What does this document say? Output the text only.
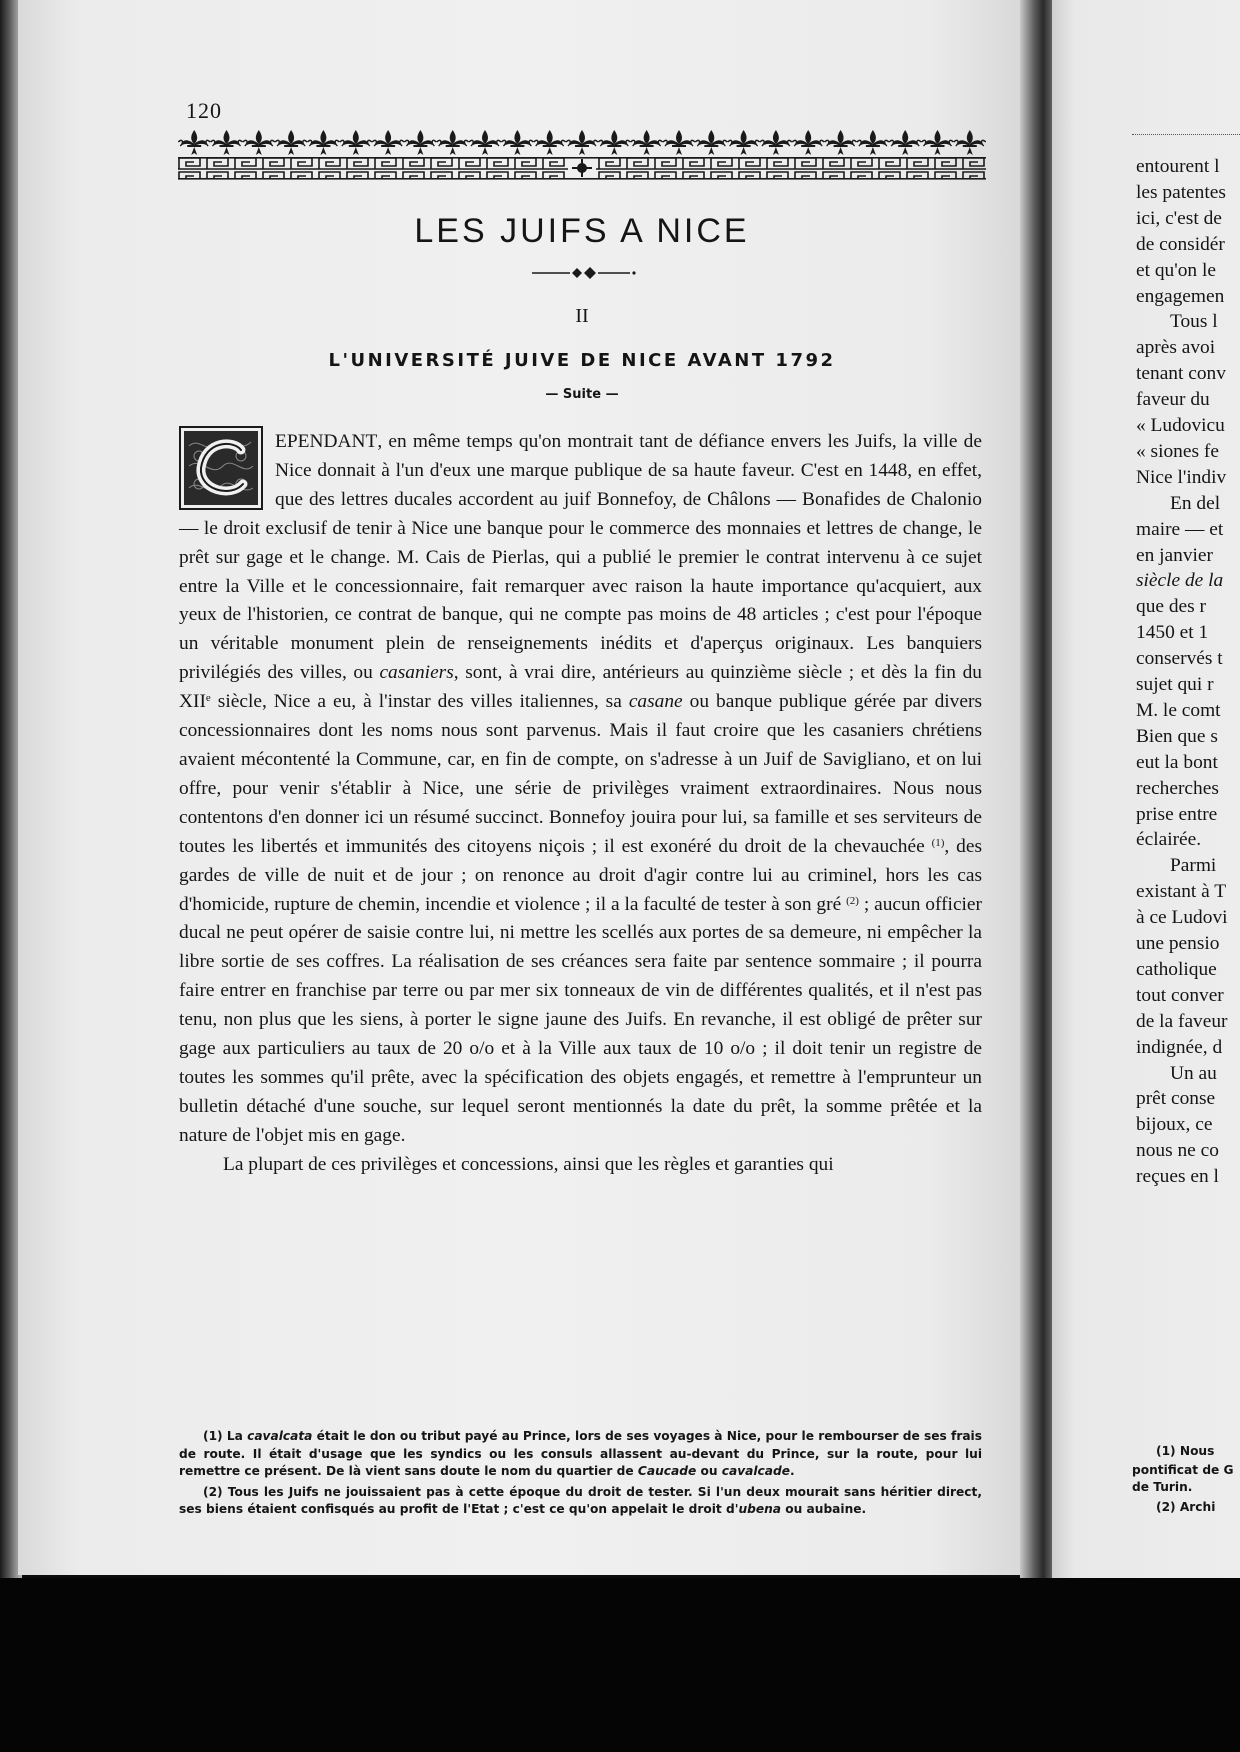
entourent l
les patentes
ici, c'est de
de considér
et qu'on le
engagemen
Tous l
après avoi
tenant conv
faveur du
« Ludovicu
« siones fe
Nice l'indiv
En del
maire — et
en janvier
siècle de la
que des r
1450 et 1
conservés t
sujet qui r
M. le comt
Bien que s
eut la bont
recherches
prise entre
éclairée.
Parmi
existant à T
à ce Ludovi
une pensio
catholique
tout conver
de la faveur
indignée, d
Un au
prêt conse
bijoux, ce
nous ne co
reçues en l
(1) Nous
pontificat de G
de Turin.
(2) Archi
120
LES JUIFS A NICE
II
L'UNIVERSITÉ JUIVE DE NICE AVANT 1792
— Suite —

EPENDANT, en même temps qu'on montrait tant de défiance envers les Juifs, la ville de Nice donnait à l'un d'eux une marque publique de sa haute faveur. C'est en 1448, en effet, que des lettres ducales accordent au juif Bonnefoy, de Châlons — Bonafides de Chalonio — le droit exclusif de tenir à Nice une banque pour le commerce des monnaies et lettres de change, le prêt sur gage et le change. M. Cais de Pierlas, qui a publié le premier le contrat intervenu à ce sujet entre la Ville et le concessionnaire, fait remarquer avec raison la haute importance qu'acquiert, aux yeux de l'historien, ce contrat de banque, qui ne compte pas moins de 48 articles ; c'est pour l'époque un véritable monument plein de renseignements inédits et d'aperçus originaux. Les banquiers privilégiés des villes, ou casaniers, sont, à vrai dire, antérieurs au quinzième siècle ; et dès la fin du XIIe siècle, Nice a eu, à l'instar des villes italiennes, sa casane ou banque publique gérée par divers concessionnaires dont les noms nous sont parvenus. Mais il faut croire que les casaniers chrétiens avaient mécontenté la Commune, car, en fin de compte, on s'adresse à un Juif de Savigliano, et on lui offre, pour venir s'établir à Nice, une série de privilèges vraiment extraordinaires. Nous nous contentons d'en donner ici un résumé succinct. Bonnefoy jouira pour lui, sa famille et ses serviteurs de toutes les libertés et immunités des citoyens niçois ; il est exonéré du droit de la chevauchée $^{(1)}$, des gardes de ville de nuit et de jour ; on renonce au droit d'agir contre lui au criminel, hors les cas d'homicide, rupture de chemin, incendie et violence ; il a la faculté de tester à son gré $^{(2)}$ ; aucun officier ducal ne peut opérer de saisie contre lui, ni mettre les scellés aux portes de sa demeure, ni empêcher la libre sortie de ses coffres. La réalisation de ses créances sera faite par sentence sommaire ; il pourra faire entrer en franchise par terre ou par mer six tonneaux de vin de différentes qualités, et il n'est pas tenu, non plus que les siens, à porter le signe jaune des Juifs. En revanche, il est obligé de prêter sur gage aux particuliers au taux de 20 o/o et à la Ville aux taux de 10 o/o ; il doit tenir un registre de toutes les sommes qu'il prête, avec la spécification des objets engagés, et remettre à l'emprunteur un bulletin détaché d'une souche, sur lequel seront mentionnés la date du prêt, la somme prêtée et la nature de l'objet mis en gage.

La plupart de ces privilèges et concessions, ainsi que les règles et garanties qui

(1) La cavalcata était le don ou tribut payé au Prince, lors de ses voyages à Nice, pour le rembourser de ses frais de route. Il était d'usage que les syndics ou les consuls allassent au-devant du Prince, sur la route, pour lui remettre ce présent. De là vient sans doute le nom du quartier de Caucade ou cavalcade.

(2) Tous les Juifs ne jouissaient pas à cette époque du droit de tester. Si l'un deux mourait sans héritier direct, ses biens étaient confisqués au profit de l'Etat ; c'est ce qu'on appelait le droit d'ubena ou aubaine.
